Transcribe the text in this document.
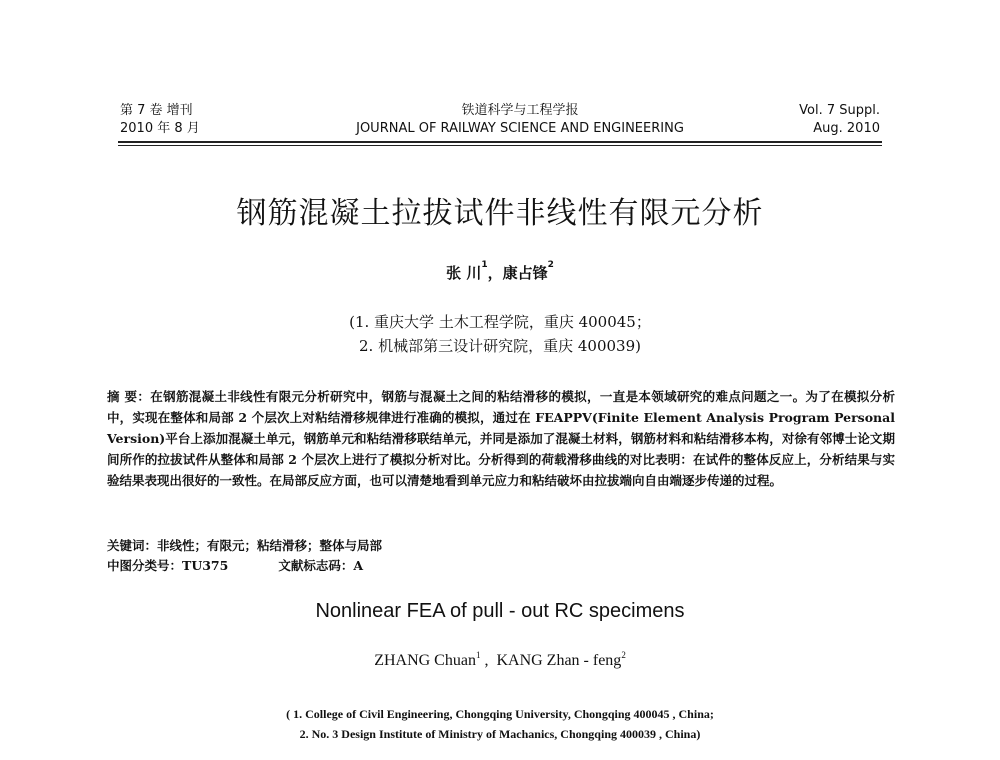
第 7 卷 增刊
2010 年 8 月
铁道科学与工程学报
JOURNAL OF RAILWAY SCIENCE AND ENGINEERING
Vol. 7 Suppl.
Aug. 2010
钢筋混凝土拉拔试件非线性有限元分析
张 川$^1$，康占锋$^2$
(1. 重庆大学 土木工程学院，重庆 400045；
2. 机械部第三设计研究院，重庆 400039)
摘 要：在钢筋混凝土非线性有限元分析研究中，钢筋与混凝土之间的粘结滑移的模拟，一直是本领域研究的难点问题之一。为了在模拟分析中，实现在整体和局部 2 个层次上对粘结滑移规律进行准确的模拟，通过在 FEAPPV(Finite Element Analysis Program Personal Version)平台上添加混凝土单元，钢筋单元和粘结滑移联结单元，并同是添加了混凝土材料，钢筋材料和粘结滑移本构，对徐有邻博士论文期间所作的拉拔试件从整体和局部 2 个层次上进行了模拟分析对比。分析得到的荷载滑移曲线的对比表明：在试件的整体反应上，分析结果与实验结果表现出很好的一致性。在局部反应方面，也可以清楚地看到单元应力和粘结破坏由拉拔端向自由端逐步传递的过程。
关键词：非线性；有限元；粘结滑移；整体与局部
中图分类号：TU375	文献标志码：A
Nonlinear FEA of pull - out RC specimens
ZHANG Chuan$^1$ ,  KANG Zhan - feng$^2$
( 1. College of Civil Engineering, Chongqing University, Chongqing 400045 , China;
2. No. 3 Design Institute of Ministry of Machanics, Chongqing 400039 , China)
